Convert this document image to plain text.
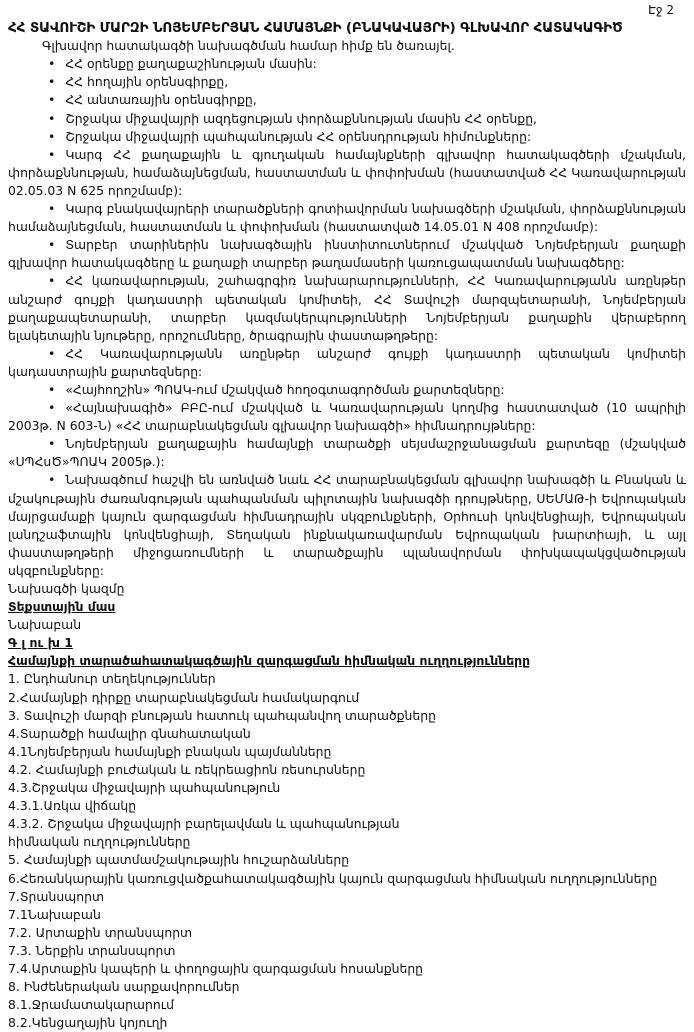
Էջ 2
ՀՀ ՏԱՎՈՒՇԻ ՄԱՐԶԻ ՆՈՅԵՄԲԵՐՅԱՆ ՀԱՄԱՅՆՔԻ (ԲՆԱԿԱՎԱՅՐԻ) ԳԼԽԱՎՈՐ ՀԱՏԱԿԱԳԻԾ

Գլխավոր հատակագծի նախագծման համար հիմք են ծառայել.

• ՀՀ օրենքը քաղաքաշինության մասին:

• ՀՀ հողային օրենսգիրքը,

• ՀՀ անտառային օրենսգիրքը,

• Շրջակա միջավայրի ազդեցության փորձաքննության մասին ՀՀ օրենքը,

• Շրջակա միջավայրի պահպանության ՀՀ օրենսդրության հիմունքները:

• Կարգ ՀՀ քաղաքային և գյուղական համայնքների գլխավոր հատակագծերի մշակման, փորձաքննության, համաձայնեցման, հաստատման և փոփոխման (հաստատված ՀՀ Կառավարության 02.05.03 N 625 որոշմամբ):

• Կարգ բնակավայրերի տարածքների գոտիավորման նախագծերի մշակման, փորձաքննության համաձայնեցման, հաստատման և փոփոխման (հաստատված 14.05.01 N 408 որոշմամբ):

• Տարբեր տարիներին նախագծային ինստիտուտներում մշակված Նոյեմբերյան քաղաքի գլխավոր հատակագծերը և քաղաքի տարբեր թաղամասերի կառուցապատման նախագծերը:

• ՀՀ կառավարության, շահագրգիռ նախարարությունների, ՀՀ Կառավարությանն առընթեր անշարժ գույքի կադաստրի պետական կոմիտեի, ՀՀ Տավուշի մարզպետարանի, Նոյեմբերյան քաղաքապետարանի, տարբեր կազմակերպությունների Նոյեմբերյան քաղաքին վերաբերող ելակետային նյութերը, որոշումները, ծրագրային փաստաթղթերը:

• ՀՀ Կառավարությանն առընթեր անշարժ գույքի կադաստրի պետական կոմիտեի կադաստրային քարտեզները:

• «Հայհողշին» ՊՈԱԿ-ում մշակված հողօգտագործման քարտեզները:

• «Հայնախագիծ» ԲԲԸ-ում մշակված և Կառավարության կողմից հաստատված (10 ապրիլի 2003թ. N 603-Ն) «ՀՀ տարաբնակեցման գլխավոր նախագծի» հիմնադրույթները:

• Նոյեմբերյան քաղաքային համայնքի տարածքի սեյսմաշրջանացման քարտեզը (մշակված «ՍՊՀսԾ»ՊՈԱԿ 2005թ.):

• Նախագծում հաշվի են առնված նաև ՀՀ տարաբնակեցման գլխավոր նախագծի և Բնական և մշակութային ժառանգության պահպանման պիլոտային նախագծի դրույթները, ՍԵՄԱԹ-ի Եվրոպական մայրցամաքի կայուն զարգացման հիմնադրային սկզբունքների, Օրհուսի կոնվենցիայի, Եվրոպական լանդշաֆտային կոնվենցիայի, Տեղական ինքնակառավարման Եվրոպական խարտիայի, և այլ փաստաթղթերի միջոցառումների և տարածքային պլանավորման փոխկապակցվածության սկզբունքները:

Նախագծի կազմը

Տեքստային մաս

Նախաբան

Գ լ ու խ 1

Համայնքի տարածահատակագծային զարգացման հիմնական ուղղությունները

1. Ընդհանուր տեղեկություններ

2.Համայնքի դիրքը տարաբնակեցման համակարգում

3. Տավուշի մարզի բնության հատուկ պահպանվող տարածքները

4.Տարածքի համալիր գնահատական

4.1Նոյեմբերյան համայնքի բնական պայմանները

4.2. Համայնքի բուժական և ռեկրեացիոն ռեսուրսները

4.3.Շրջակա միջավայրի պահպանություն

4.3.1.Առկա վիճակը

4.3.2. Շրջակա միջավայրի բարելավման և պահպանության

հիմնական ուղղությունները

5. Համայնքի պատմամշակութային հուշարձանները

6.Հեռանկարային կառուցվածքահատակագծային կայուն զարգացման հիմնական ուղղությունները

7.Տրանսպորտ

7.1Նախաբան

7.2. Արտաքին տրանսպորտ

7.3. Ներքին տրանսպորտ

7.4.Արտաքին կապերի և փողոցային զարգացման հոսանքները

8. Ինժեներական սարքավորումներ

8.1.Ջրամատակարարում

8.2.Կենցաղային կոյուղի
